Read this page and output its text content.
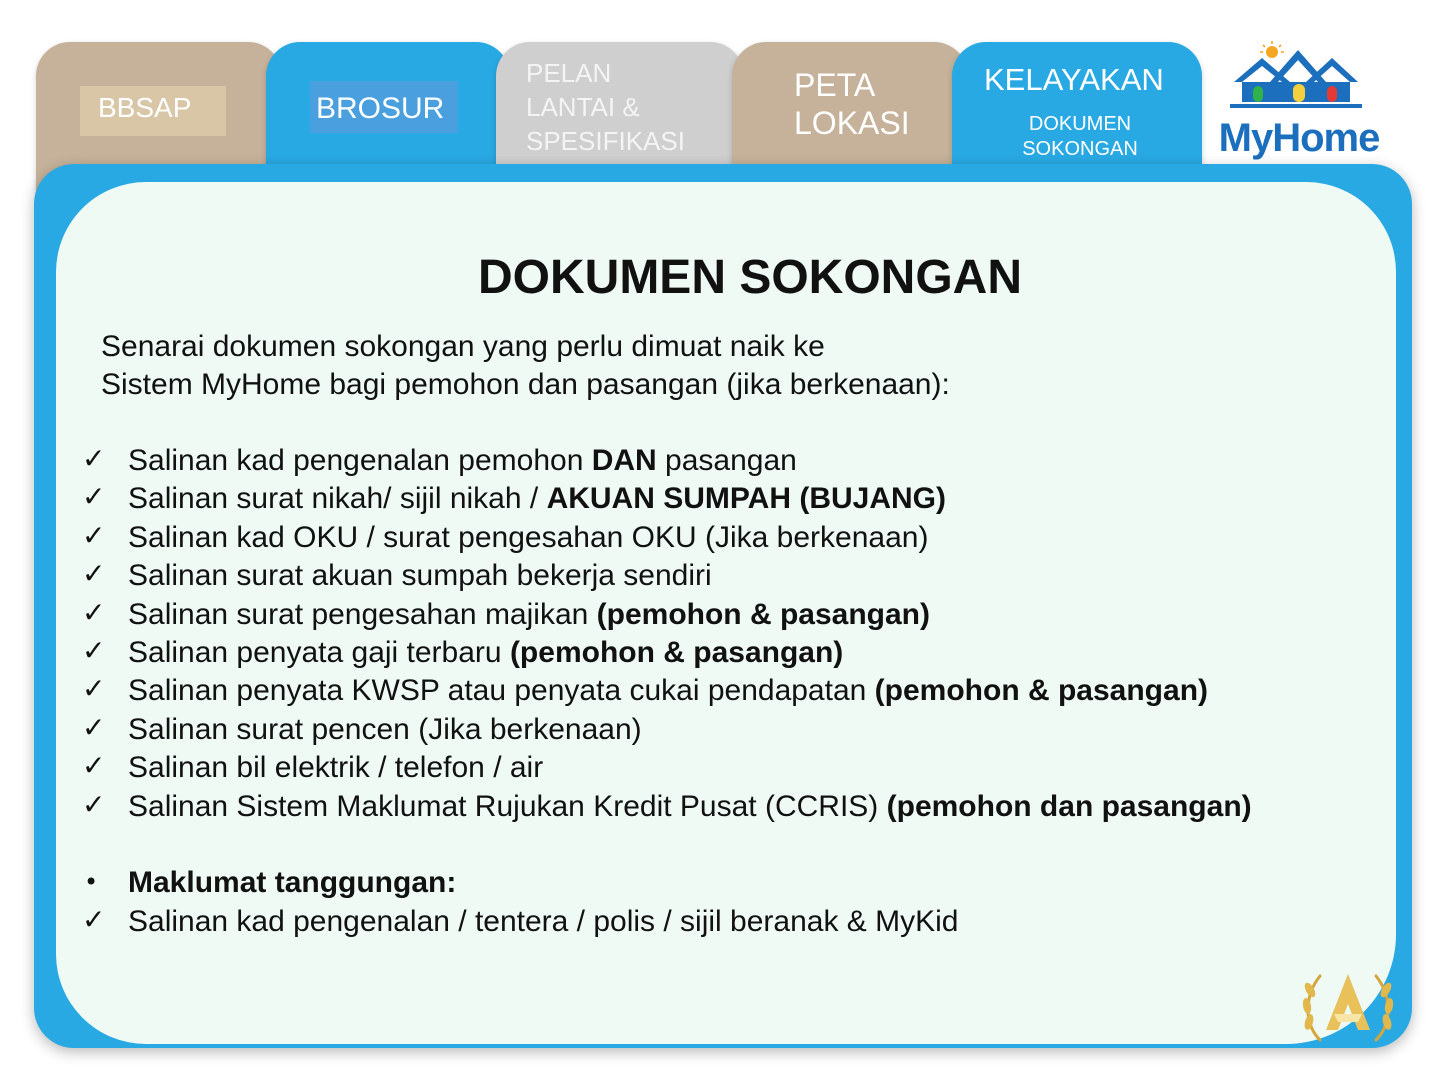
BBSAP	BROSUR
PELAN
LANTAI &
SPESIFIKASI
PETA
LOKASI
KELAYAKAN
DOKUMEN
SOKONGAN	MyHome
DOKUMEN SOKONGAN
Senarai dokumen sokongan yang perlu dimuat naik ke
Sistem MyHome bagi pemohon dan pasangan (jika berkenaan):
✓ Salinan kad pengenalan pemohon DAN pasangan
✓ Salinan surat nikah/ sijil nikah / AKUAN SUMPAH (BUJANG)
✓ Salinan kad OKU / surat pengesahan OKU (Jika berkenaan)
✓ Salinan surat akuan sumpah bekerja sendiri
✓ Salinan surat pengesahan majikan (pemohon & pasangan)
✓ Salinan penyata gaji terbaru (pemohon & pasangan)
✓ Salinan penyata KWSP atau penyata cukai pendapatan (pemohon & pasangan)
✓ Salinan surat pencen (Jika berkenaan)
✓ Salinan bil elektrik / telefon / air
✓ Salinan Sistem Maklumat Rujukan Kredit Pusat (CCRIS) (pemohon dan pasangan)
• Maklumat tanggungan:
✓ Salinan kad pengenalan / tentera / polis / sijil beranak & MyKid
